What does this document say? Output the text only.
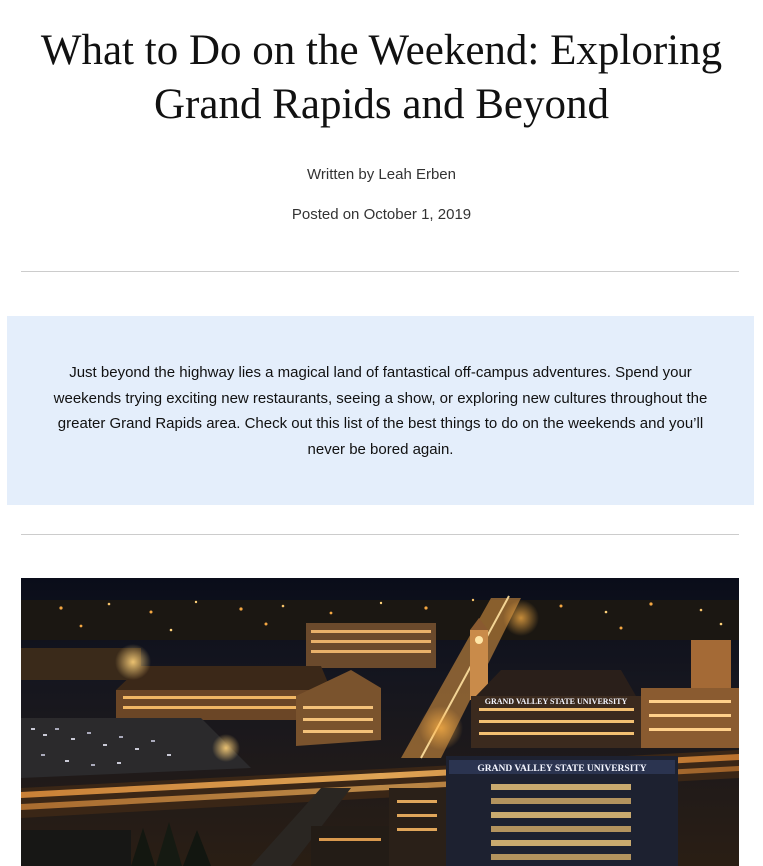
What to Do on the Weekend: Exploring Grand Rapids and Beyond

Written by Leah Erben

Posted on October 1, 2019

Just beyond the highway lies a magical land of fantastical off-campus adventures. Spend your weekends trying exciting new restaurants, seeing a show, or exploring new cultures throughout the greater Grand Rapids area. Check out this list of the best things to do on the weekends and you’ll never be bored again.

GRAND VALLEY STATE UNIVERSITY
GRAND VALLEY STATE UNIVERSITY
